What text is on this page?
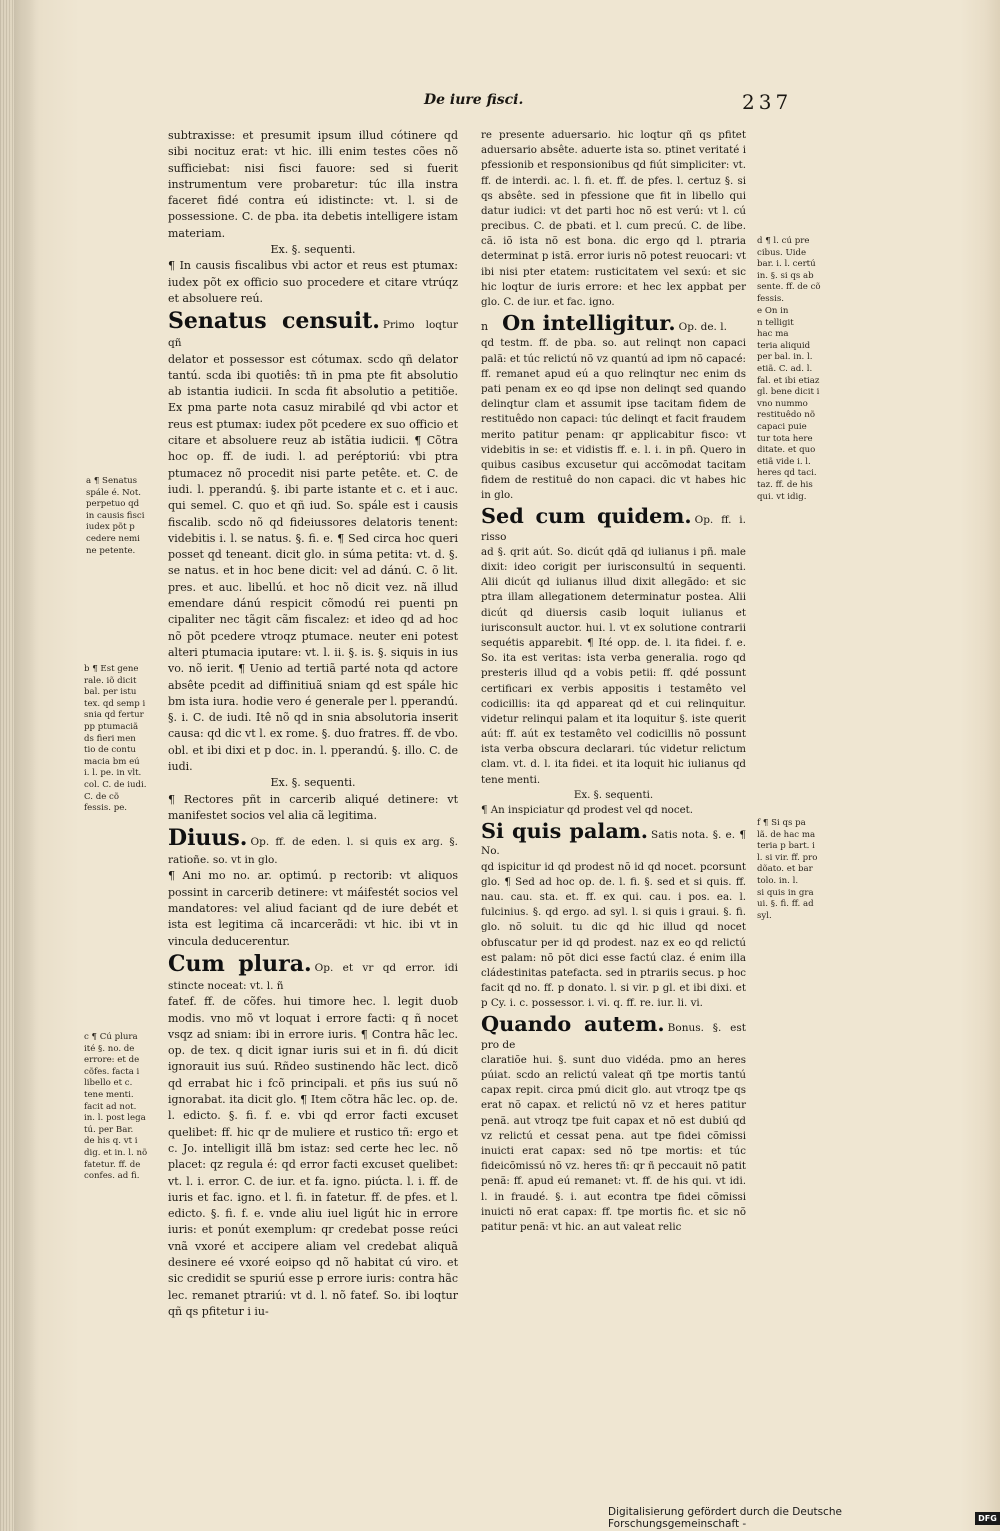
De iure fisci.	237

subtraxisse: et presumit ipsum illud cótinere qd sibi nocituz erat: vt hic. illi enim testes cões nõ sufficiebat: nisi fisci fauore: sed si fuerit instrumentum vere probaretur: túc illa instra faceret fidé contra eú idistincte: vt. l. si de possessione. C. de pba. ita debetis intelligere istam materiam.

Ex. §. sequenti.

¶ In causis fiscalibus vbi actor et reus est ptumax: iudex põt ex officio suo procedere et citare vtrúqz et absoluere reú.

Senatus censuit. Primo loqtur qñ

delator et possessor est cótumax. scdo qñ delator tantú. scda ibi quotiês: tñ in pma pte fit absolutio ab istantia iudicii. In scda fit absolutio a petitiõe. Ex pma parte nota casuz mirabilé qd vbi actor et reus est ptumax: iudex põt pcedere ex suo officio et citare et absoluere reuz ab istãtia iudicii. ¶ Cõtra hoc op. ff. de iudi. l. ad peréptoriú: vbi ptra ptumacez nõ procedit nisi parte petête. et. C. de iudi. l. pperandú. §. ibi parte istante et c. et i auc. qui semel. C. quo et qñ iud. So. spále est i causis fiscalib. scdo nõ qd fideiussores delatoris tenent: videbitis i. l. se natus. §. fi. e. ¶ Sed circa hoc queri posset qd teneant. dicit glo. in súma petita: vt. d. §. se natus. et in hoc bene dicit: vel ad dánú. C. õ lit. pres. et auc. libellú. et hoc nõ dicit vez. nã illud emendare dánú respicit cõmodú rei puenti pn cipaliter nec tãgit cãm fiscalez: et ideo qd ad hoc nõ põt pcedere vtroqz ptumace. neuter eni potest alteri ptumacia iputare: vt. l. ii. §. is. §. siquis in ius vo. nõ ierit. ¶ Uenio ad tertiã parté nota qd actore absête pcedit ad diffinitiuã sniam qd est spále hic bm ista iura. hodie vero é generale per l. pperandú. §. i. C. de iudi. Itê nõ qd in snia absolutoria inserit causa: qd dic vt l. ex rome. §. duo fratres. ff. de vbo. obl. et ibi dixi et p doc. in. l. pperandú. §. illo. C. de iudi.

Ex. §. sequenti.

¶ Rectores pñt in carcerib aliqué detinere: vt manifestet socios vel alia cã legitima.

Diuus. Op. ff. de eden. l. si quis ex arg. §. ratioñe. so. vt in glo.

¶ Ani mo no. ar. optimú. p rectorib: vt aliquos possint in carcerib detinere: vt máifestét socios vel mandatores: vel aliud faciant qd de iure debét et ista est legitima cã incarcerãdi: vt hic. ibi vt in vincula deducerentur.

Cum plura. Op. et vr qd error. idi stincte noceat: vt. l. ñ

fatef. ff. de cõfes. hui timore hec. l. legit duob modis. vno mõ vt loquat i errore facti: q ñ nocet vsqz ad sniam: ibi in errore iuris. ¶ Contra hãc lec. op. de tex. q dicit ignar iuris sui et in fi. dú dicit ignorauit ius suú. Rñdeo sustinendo hãc lect. dicõ qd errabat hic i fcõ principali. et pñs ius suú nõ ignorabat. ita dicit glo. ¶ Item cõtra hãc lec. op. de. l. edicto. §. fi. f. e. vbi qd error facti excuset quelibet: ff. hic qr de muliere et rustico tñ: ergo et c. Jo. intelligit illã bm istaz: sed certe hec lec. nõ placet: qz regula é: qd error facti excuset quelibet: vt. l. i. error. C. de iur. et fa. igno. piúcta. l. i. ff. de iuris et fac. igno. et l. fi. in fatetur. ff. de pfes. et l. edicto. §. fi. f. e. vnde aliu iuel ligút hic in errore iuris: et ponút exemplum: qr credebat posse reúci vnã vxoré et accipere aliam vel credebat aliquã desinere eé vxoré eoipso qd nõ habitat cú viro. et sic credidit se spuriú esse p errore iuris: contra hãc lec. remanet ptrariú: vt d. l. nõ fatef. So. ibi loqtur qñ qs pfitetur i iu-

re presente aduersario. hic loqtur qñ qs pfitet aduersario absête. aduerte ista so. ptinet veritaté i pfessionib et responsionibus qd fiút simpliciter: vt. ff. de interdi. ac. l. fi. et. ff. de pfes. l. certuz §. si qs absête. sed in pfessione que fit in libello qui datur iudici: vt det parti hoc nõ est verú: vt l. cú precibus. C. de pbati. et l. cum precú. C. de libe. cã. iõ ista nõ est bona. dic ergo qd l. ptraria determinat p istã. error iuris nõ potest reuocari: vt ibi nisi pter etatem: rusticitatem vel sexú: et sic hic loqtur de iuris errore: et hec lex appbat per glo. C. de iur. et fac. igno.

n On intelligitur. Op. de. l.

qd testm. ff. de pba. so. aut relinqt non capaci palã: et túc relictú nõ vz quantú ad ipm nõ capacé: ff. remanet apud eú a quo relinqtur nec enim ds pati penam ex eo qd ipse non delinqt sed quando delinqtur clam et assumit ipse tacitam fidem de restituêdo non capaci: túc delinqt et facit fraudem merito patitur penam: qr applicabitur fisco: vt videbitis in se: et vidistis ff. e. l. i. in pñ. Quero in quibus casibus excusetur qui accõmodat tacitam fidem de restituê do non capaci. dic vt habes hic in glo.

Sed cum quidem. Op. ff. i. risso

ad §. qrit aút. So. dicút qdã qd iulianus i pñ. male dixit: ideo corigit per iurisconsultú in sequenti. Alii dicút qd iulianus illud dixit allegãdo: et sic ptra illam allegationem determinatur postea. Alii dicút qd diuersis casib loquit iulianus et iurisconsult auctor. hui. l. vt ex solutione contrarii sequétis apparebit. ¶ Ité opp. de. l. ita fidei. f. e. So. ita est veritas: ista verba generalia. rogo qd presteris illud qd a vobis petii: ff. qdé possunt certificari ex verbis appositis i testamêto vel codicillis: ita qd appareat qd et cui relinquitur. videtur relinqui palam et ita loquitur §. iste querit aút: ff. aút ex testamêto vel codicillis nõ possunt ista verba obscura declarari. túc videtur relictum clam. vt. d. l. ita fidei. et ita loquit hic iulianus qd tene menti.

Ex. §. sequenti.

¶ An inspiciatur qd prodest vel qd nocet.

Si quis palam. Satis nota. §. e. ¶ No.

qd ispicitur id qd prodest nõ id qd nocet. pcorsunt glo. ¶ Sed ad hoc op. de. l. fi. §. sed et si quis. ff. nau. cau. sta. et. ff. ex qui. cau. i pos. ea. l. fulcinius. §. qd ergo. ad syl. l. si quis i graui. §. fi. glo. nõ soluit. tu dic qd hic illud qd nocet obfuscatur per id qd prodest. naz ex eo qd relictú est palam: nõ põt dici esse factú claz. é enim illa cládestinitas patefacta. sed in ptrariis secus. p hoc facit qd no. ff. p donato. l. si vir. p gl. et ibi dixi. et p Cy. i. c. possessor. i. vi. q. ff. re. iur. li. vi.

Quando autem. Bonus. §. est pro de

claratiõe hui. §. sunt duo vidéda. pmo an heres púiat. scdo an relictú valeat qñ tpe mortis tantú capax repit. circa pmú dicit glo. aut vtroqz tpe qs erat nõ capax. et relictú nõ vz et heres patitur penã. aut vtroqz tpe fuit capax et nõ est dubiú qd vz relictú et cessat pena. aut tpe fidei cõmissi inuicti erat capax: sed nõ tpe mortis: et túc fideicõmissú nõ vz. heres tñ: qr ñ peccauit nõ patit penã: ff. apud eú remanet: vt. ff. de his qui. vt idi. l. in fraudé. §. i. aut econtra tpe fidei cõmissi inuicti nõ erat capax: ff. tpe mortis fic. et sic nõ patitur penã: vt hic. an aut valeat relic

a ¶ Senatus
spále é. Not.
perpetuo qd
in causis fisci
iudex põt p
cedere nemi
ne petente.
b ¶ Est gene
rale. iõ dicit
bal. per istu
tex. qd semp i
snia qd fertur
pp ptumaciã
ds fieri men
tio de contu
macia bm eú
i. l. pe. in vlt.
col. C. de iudi.
C. de cõ
fessis. pe.
c ¶ Cú plura
ité §. no. de
errore: et de
cõfes. facta i
libello et c.
tene menti.
facit ad not.
in. l. post lega
tú. per Bar.
de his q. vt i
dig. et in. l. nõ
fatetur. ff. de
confes. ad fi.
d ¶ l. cú pre
cibus. Uide
bar. i. l. certú
in. §. si qs ab
sente. ff. de cõ
fessis.
e On in
n telligit
hac ma
teria aliquid
per bal. in. l.
etiã. C. ad. l.
fal. et ibi etiaz
gl. bene dicit i
vno nummo
restituêdo nõ
capaci puie
tur tota here
ditate. et quo
etiã vide i. l.
heres qd taci.
taz. ff. de his
qui. vt idig.
f ¶ Si qs pa
lã. de hac ma
teria p bart. i
l. si vir. ff. pro
dõato. et bar
tolo. in. l.
si quis in gra
ui. §. fi. ff. ad
syl.
Digitalisierung gefördert durch die Deutsche Forschungsgemeinschaft -	DFG
